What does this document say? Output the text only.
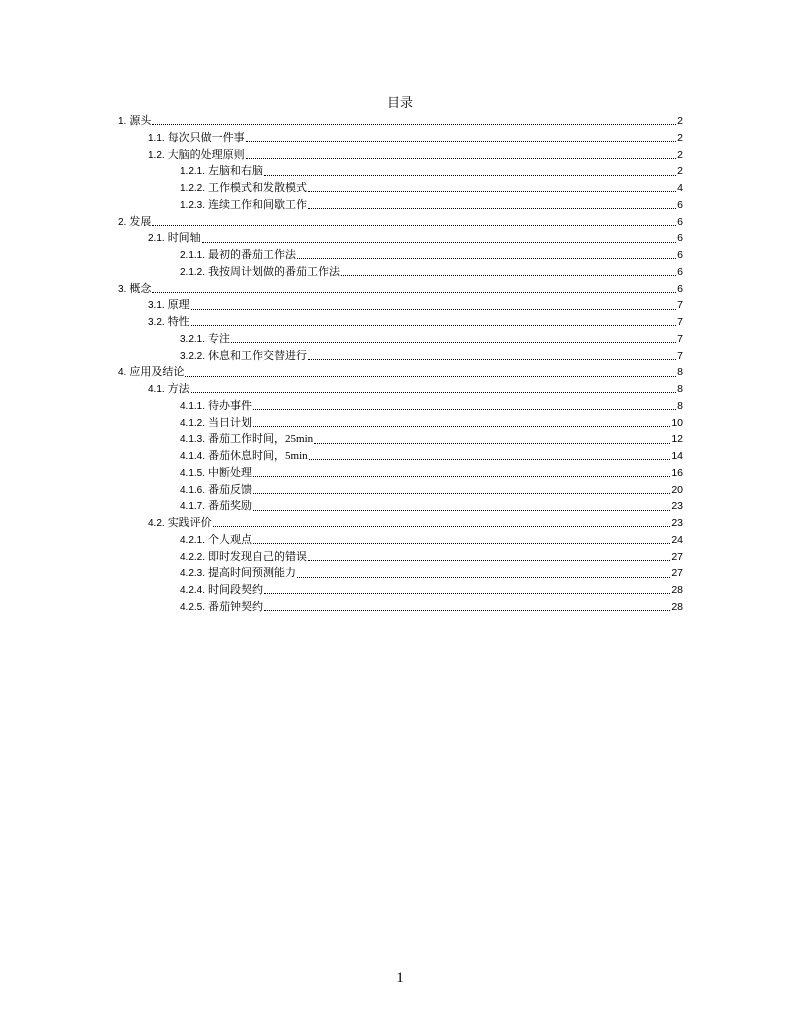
目录
1. 源头	2
1.1. 每次只做一件事	2
1.2. 大脑的处理原则	2
1.2.1. 左脑和右脑	2
1.2.2. 工作模式和发散模式	4
1.2.3. 连续工作和间歇工作	6
2. 发展	6
2.1. 时间轴	6
2.1.1. 最初的番茄工作法	6
2.1.2. 我按周计划做的番茄工作法	6
3. 概念	6
3.1. 原理	7
3.2. 特性	7
3.2.1. 专注	7
3.2.2. 休息和工作交替进行	7
4. 应用及结论	8
4.1. 方法	8
4.1.1. 待办事件	8
4.1.2. 当日计划	10
4.1.3. 番茄工作时间，25min	12
4.1.4. 番茄休息时间，5min	14
4.1.5. 中断处理	16
4.1.6. 番茄反馈	20
4.1.7. 番茄奖励	23
4.2. 实践评价	23
4.2.1. 个人观点	24
4.2.2. 即时发现自己的错误	27
4.2.3. 提高时间预测能力	27
4.2.4. 时间段契约	28
4.2.5. 番茄钟契约	28
1
